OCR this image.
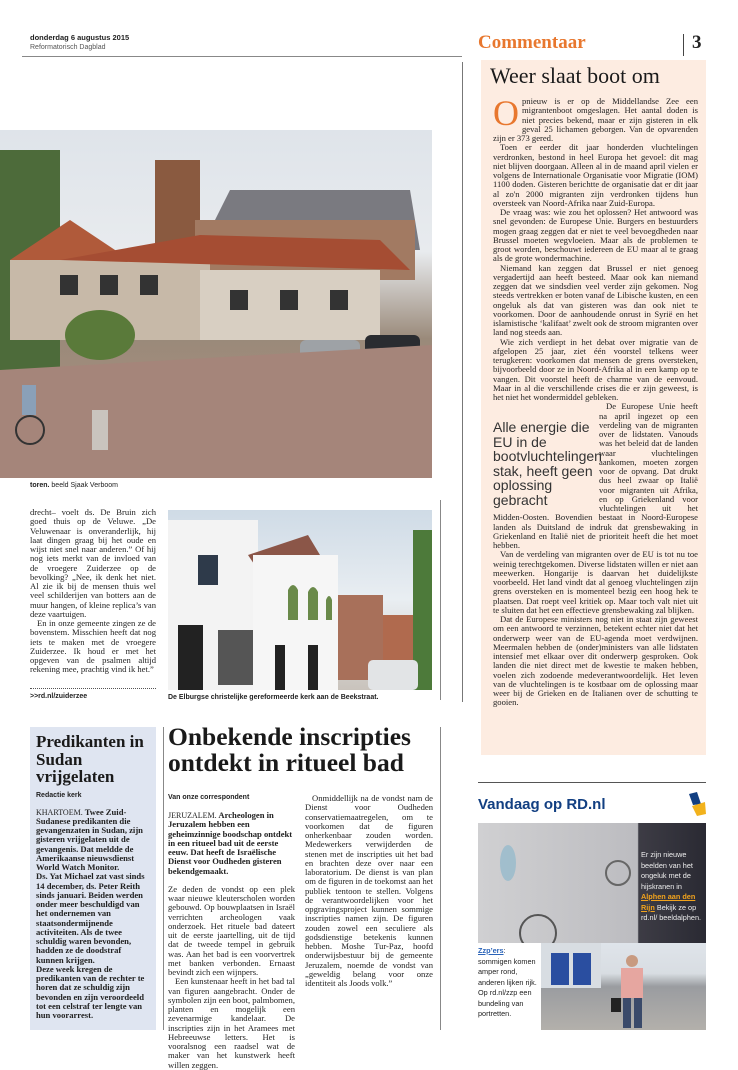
donderdag 6 augustus 2015
Reformatorisch Dagblad	Commentaar	3
Weer slaat boot om

Opnieuw is er op de Middellandse Zee een migrantenboot omgeslagen. Het aantal doden is niet precies bekend, maar er zijn gisteren in elk geval 25 lichamen geborgen. Van de opvarenden zijn er 373 gered.

Toen er eerder dit jaar honderden vluchtelingen verdronken, bestond in heel Europa het gevoel: dit mag niet blijven doorgaan. Alleen al in de maand april vielen er volgens de Internationale Organisatie voor Migratie (IOM) 1100 doden. Gisteren berichtte de organisatie dat er dit jaar al zo'n 2000 migranten zijn verdronken tijdens hun oversteek van Noord-Afrika naar Zuid-Europa.

De vraag was: wie zou het oplossen? Het antwoord was snel gevonden: de Europese Unie. Burgers en bestuurders mogen graag zeggen dat er niet te veel bevoegdheden naar Brussel moeten wegvloeien. Maar als de problemen te groot worden, beschouwt iedereen de EU maar al te graag als de grote wondermachine.

Niemand kan zeggen dat Brussel er niet genoeg vergadertijd aan heeft besteed. Maar ook kan niemand zeggen dat we sindsdien veel verder zijn gekomen. Nog steeds vertrekken er boten vanaf de Libische kusten, en een ongeluk als dat van gisteren was dan ook niet te voorkomen. Door de aanhoudende onrust in Syrië en het islamistische ‘kalifaat’ zwelt ook de stroom migranten over land nog steeds aan.

Wie zich verdiept in het debat over migratie van de afgelopen 25 jaar, ziet één voorstel telkens weer terugkeren: voorkomen dat mensen de grens oversteken, bijvoorbeeld door ze in Noord-Afrika al in een kamp op te vangen. Dit voorstel heeft de charme van de eenvoud. Maar in al die verschillende crises die er zijn geweest, is het niet het wondermiddel gebleken.

Alle energie die EU in de bootvluchtelingen stak, heeft geen oplossing gebracht

De Europese Unie heeft na april ingezet op een verdeling van de migranten over de lidstaten. Vanouds was het beleid dat de landen waar vluchtelingen aankomen, moeten zorgen voor de opvang. Dat drukt dus heel zwaar op Italië voor migranten uit Afrika, en op Griekenland voor vluchtelingen uit het Midden-Oosten. Bovendien bestaat in Noord-Europese landen als Duitsland de indruk dat grensbewaking in Griekenland en Italië niet de prioriteit heeft die het moet hebben.

Van de verdeling van migranten over de EU is tot nu toe weinig terechtgekomen. Diverse lidstaten willen er niet aan meewerken. Hongarije is daarvan het duidelijkste voorbeeld. Het land vindt dat al genoeg vluchtelingen zijn grens oversteken en is momenteel bezig een hoog hek te plaatsen. Dat roept veel kritiek op. Maar toch valt niet uit te sluiten dat het een effectieve grensbewaking zal blijken.

Dat de Europese ministers nog niet in staat zijn geweest om een antwoord te verzinnen, betekent echter niet dat het onderwerp weer van de EU-agenda moet verdwijnen. Meermalen hebben de (onder)ministers van alle lidstaten intensief met elkaar over dit onderwerp gesproken. Ook landen die niet direct met de kwestie te maken hebben, voelen zich zodoende medeverantwoordelijk. Het leven van de vluchtelingen is te kostbaar om de oplossing maar weer bij de Grieken en de Italianen over de schutting te gooien.

toren. beeld Sjaak Verboom

drecht– voelt ds. De Bruin zich goed thuis op de Veluwe. „De Veluwenaar is onveranderlijk, hij laat dingen graag bij het oude en wijst niet snel naar anderen.” Of hij nog iets merkt van de invloed van de vroegere Zuiderzee op de bevolking? „Nee, ik denk het niet. Al zie ik bij de mensen thuis wel veel schilderijen van botters aan de muur hangen, of kleine replica’s van deze vaartuigen.

En in onze gemeente zingen ze de bovenstem. Misschien heeft dat nog iets te maken met de vroegere Zuiderzee. Ik houd er met het opgeven van de psalmen altijd rekening mee, prachtig vind ik het.”

>>rd.nl/zuiderzee	De Elburgse christelijke gereformeerde kerk aan de Beekstraat.
Predikanten in Sudan vrijgelaten
Redactie kerk

KHARTOEM. Twee Zuid-Sudanese predikanten die gevangenzaten in Sudan, zijn gisteren vrijgelaten uit de gevangenis. Dat meldde de Amerikaanse nieuwsdienst World Watch Monitor.

Ds. Yat Michael zat vast sinds 14 december, ds. Peter Reith sinds januari. Beiden werden onder meer beschuldigd van het ondernemen van staatsondermijnende activiteiten. Als de twee schuldig waren bevonden, hadden ze de doodstraf kunnen krijgen.

Deze week kregen de predikanten van de rechter te horen dat ze schuldig zijn bevonden en zijn veroordeeld tot een celstraf ter lengte van hun voorarrest.

Onbekende inscripties ontdekt in ritueel bad
Van onze correspondent

JERUZALEM. Archeologen in Jeruzalem hebben een geheimzinnige boodschap ontdekt in een ritueel bad uit de eerste eeuw. Dat heeft de Israëlische Dienst voor Oudheden gisteren bekendgemaakt.

Ze deden de vondst op een plek waar nieuwe kleuterscholen worden gebouwd. Op bouwplaatsen in Israël verrichten archeologen vaak onderzoek. Het rituele bad dateert uit de eerste jaartelling, uit de tijd dat de tweede tempel in gebruik was. Aan het bad is een voorvertrek met banken verbonden. Ernaast bevindt zich een wijnpers.

Een kunstenaar heeft in het bad tal van figuren aangebracht. Onder de symbolen zijn een boot, palmbomen, planten en mogelijk een zevenarmige kandelaar. De inscripties zijn in het Aramees met Hebreeuwse letters. Het is vooralsnog een raadsel wat de maker van het kunstwerk heeft willen zeggen.

Onmiddellijk na de vondst nam de Dienst voor Oudheden conservatiemaatregelen, om te voorkomen dat de figuren onherkenbaar zouden worden. Medewerkers verwijderden de stenen met de inscripties uit het bad en brachten deze over naar een laboratorium. De dienst is van plan om de figuren in de toekomst aan het publiek tentoon te stellen. Volgens de verantwoordelijken voor het opgravingsproject kunnen sommige inscripties namen zijn. De figuren zouden zowel een seculiere als godsdienstige betekenis kunnen hebben. Moshe Tur-Paz, hoofd onderwijsbestuur bij de gemeente Jeruzalem, noemde de vondst van „geweldig belang voor onze identiteit als Joods volk.”

Vandaag op RD.nl
Er zijn nieuwe beelden van het ongeluk met de hijskranen in Alphen aan den Rijn Bekijk ze op rd.nl/ beeldalphen.
Zzp’ers: sommigen komen amper rond, anderen lijken rijk. Op rd.nl/zzp een bundeling van portretten.
